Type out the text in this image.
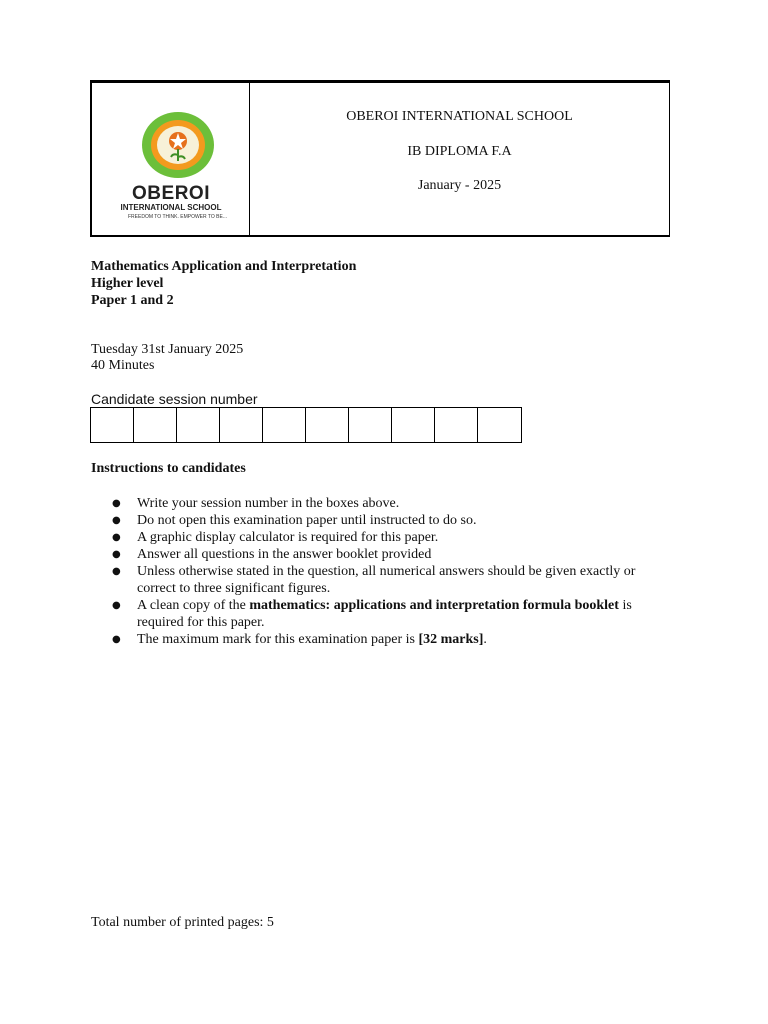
OBEROI
INTERNATIONAL SCHOOL
FREEDOM TO THINK. EMPOWER TO BE...
OBEROI INTERNATIONAL SCHOOL
IB DIPLOMA F.A
January - 2025
Mathematics Application and Interpretation
Higher level
Paper 1 and 2
Tuesday 31st January 2025
40 Minutes
Candidate session number
Instructions to candidates
● Write your session number in the boxes above.
● Do not open this examination paper until instructed to do so.
● A graphic display calculator is required for this paper.
● Answer all questions in the answer booklet provided
● Unless otherwise stated in the question, all numerical answers should be given exactly or correct to three significant figures.
● A clean copy of the mathematics: applications and interpretation formula booklet is required for this paper.
● The maximum mark for this examination paper is [32 marks].
Total number of printed pages: 5
